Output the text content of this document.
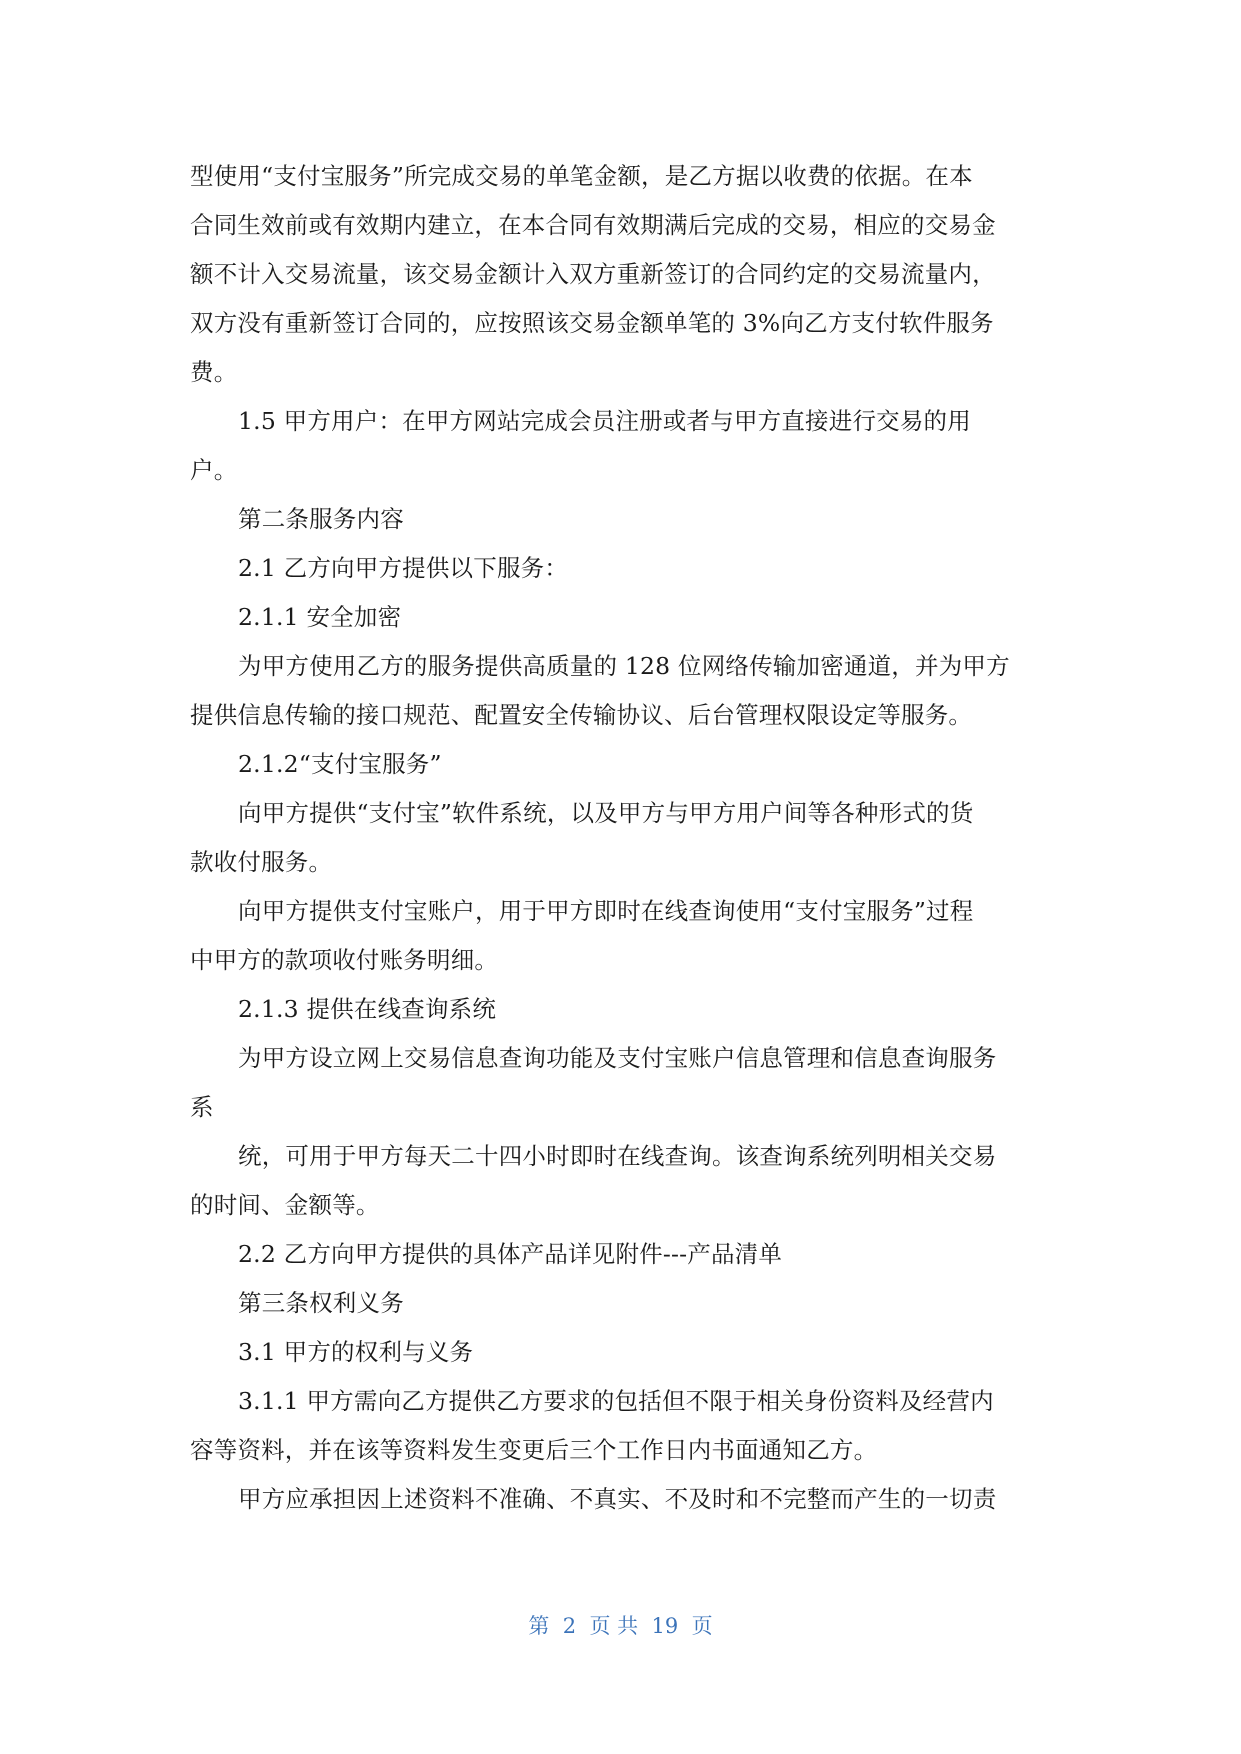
型使用“支付宝服务”所完成交易的单笔金额，是乙方据以收费的依据。在本
合同生效前或有效期内建立，在本合同有效期满后完成的交易，相应的交易金
额不计入交易流量，该交易金额计入双方重新签订的合同约定的交易流量内，
双方没有重新签订合同的，应按照该交易金额单笔的 3%向乙方支付软件服务
费。
1.5 甲方用户：在甲方网站完成会员注册或者与甲方直接进行交易的用
户。
第二条服务内容
2.1 乙方向甲方提供以下服务：
2.1.1 安全加密
为甲方使用乙方的服务提供高质量的 128 位网络传输加密通道，并为甲方
提供信息传输的接口规范、配置安全传输协议、后台管理权限设定等服务。
2.1.2“支付宝服务”
向甲方提供“支付宝”软件系统，以及甲方与甲方用户间等各种形式的货
款收付服务。
向甲方提供支付宝账户，用于甲方即时在线查询使用“支付宝服务”过程
中甲方的款项收付账务明细。
2.1.3 提供在线查询系统
为甲方设立网上交易信息查询功能及支付宝账户信息管理和信息查询服务
系
统，可用于甲方每天二十四小时即时在线查询。该查询系统列明相关交易
的时间、金额等。
2.2 乙方向甲方提供的具体产品详见附件---产品清单
第三条权利义务
3.1 甲方的权利与义务
3.1.1 甲方需向乙方提供乙方要求的包括但不限于相关身份资料及经营内
容等资料，并在该等资料发生变更后三个工作日内书面通知乙方。
甲方应承担因上述资料不准确、不真实、不及时和不完整而产生的一切责
第  2  页 共  19  页
